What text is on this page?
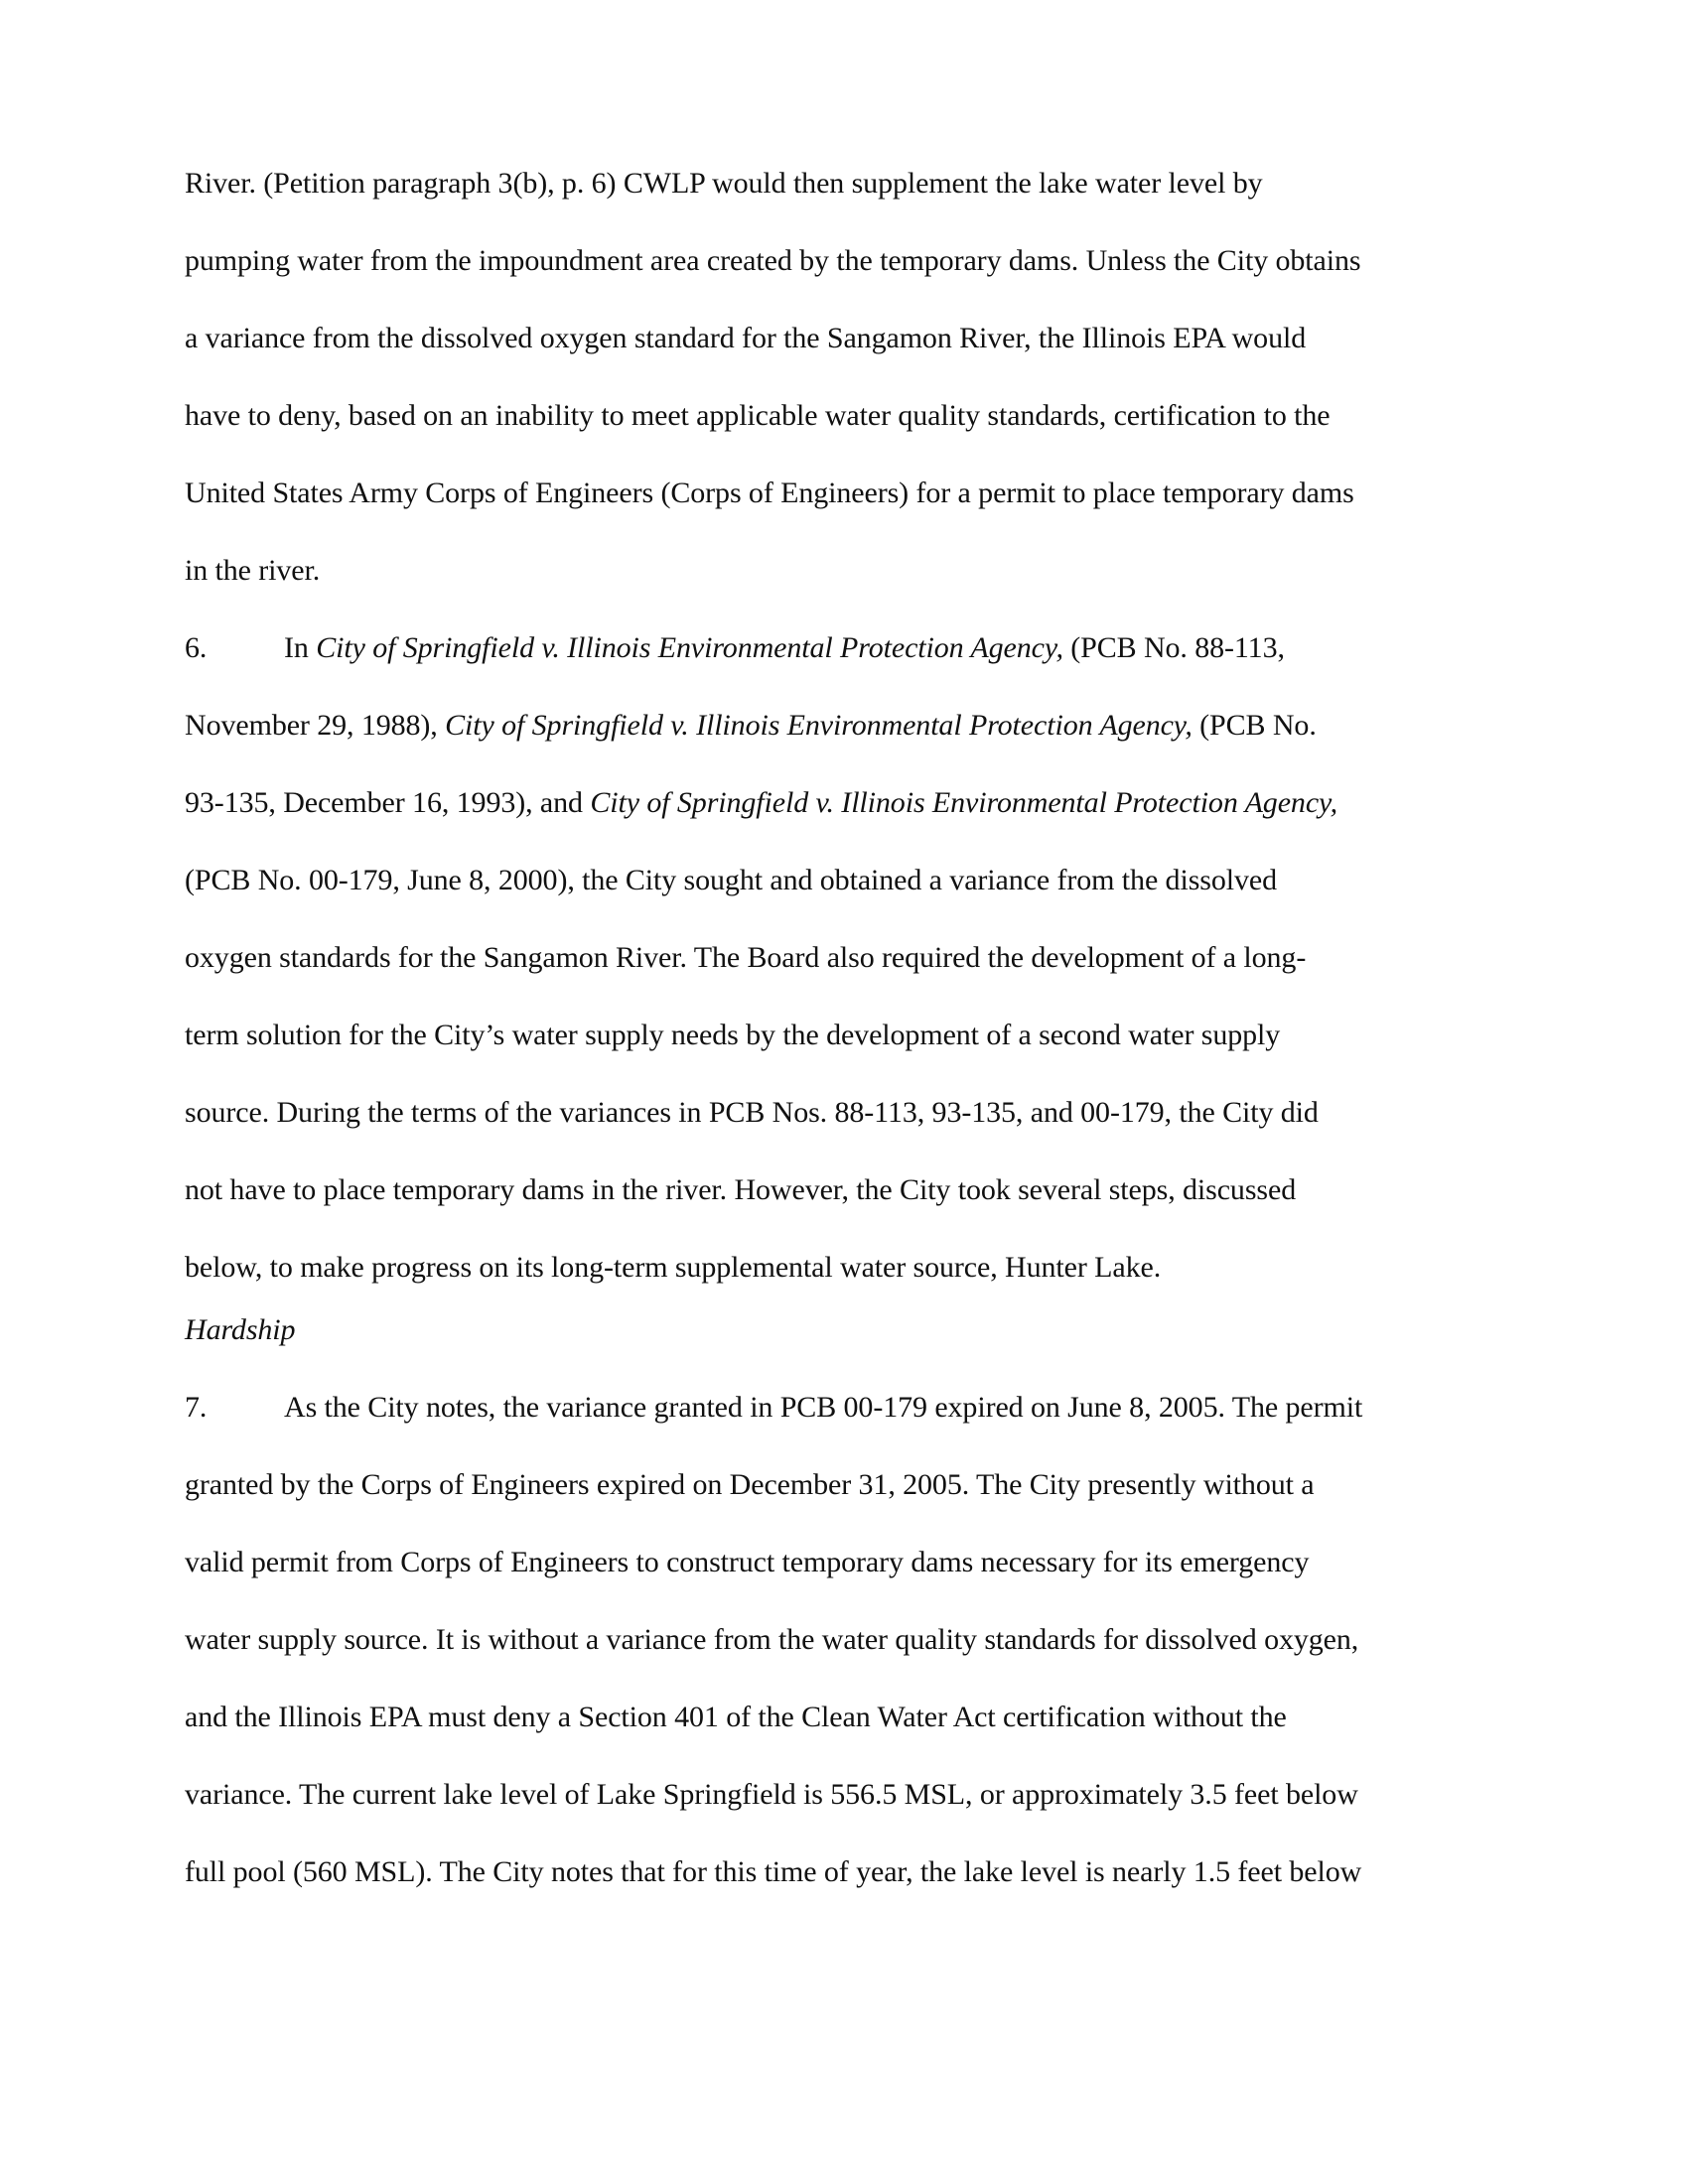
River. (Petition paragraph 3(b), p. 6) CWLP would then supplement the lake water level by
pumping water from the impoundment area created by the temporary dams. Unless the City obtains
a variance from the dissolved oxygen standard for the Sangamon River, the Illinois EPA would
have to deny, based on an inability to meet applicable water quality standards, certification to the
United States Army Corps of Engineers (Corps of Engineers) for a permit to place temporary dams
in the river.
6.	In City of Springfield v. Illinois Environmental Protection Agency, (PCB No. 88-113,
November 29, 1988), City of Springfield v. Illinois Environmental Protection Agency, (PCB No.
93-135, December 16, 1993), and City of Springfield v. Illinois Environmental Protection Agency,
(PCB No. 00-179, June 8, 2000), the City sought and obtained a variance from the dissolved
oxygen standards for the Sangamon River. The Board also required the development of a long-
term solution for the City’s water supply needs by the development of a second water supply
source. During the terms of the variances in PCB Nos. 88-113, 93-135, and 00-179, the City did
not have to place temporary dams in the river. However, the City took several steps, discussed
below, to make progress on its long-term supplemental water source, Hunter Lake.
Hardship
7.	As the City notes, the variance granted in PCB 00-179 expired on June 8, 2005. The permit
granted by the Corps of Engineers expired on December 31, 2005. The City presently without a
valid permit from Corps of Engineers to construct temporary dams necessary for its emergency
water supply source. It is without a variance from the water quality standards for dissolved oxygen,
and the Illinois EPA must deny a Section 401 of the Clean Water Act certification without the
variance. The current lake level of Lake Springfield is 556.5 MSL, or approximately 3.5 feet below
full pool (560 MSL). The City notes that for this time of year, the lake level is nearly 1.5 feet below
